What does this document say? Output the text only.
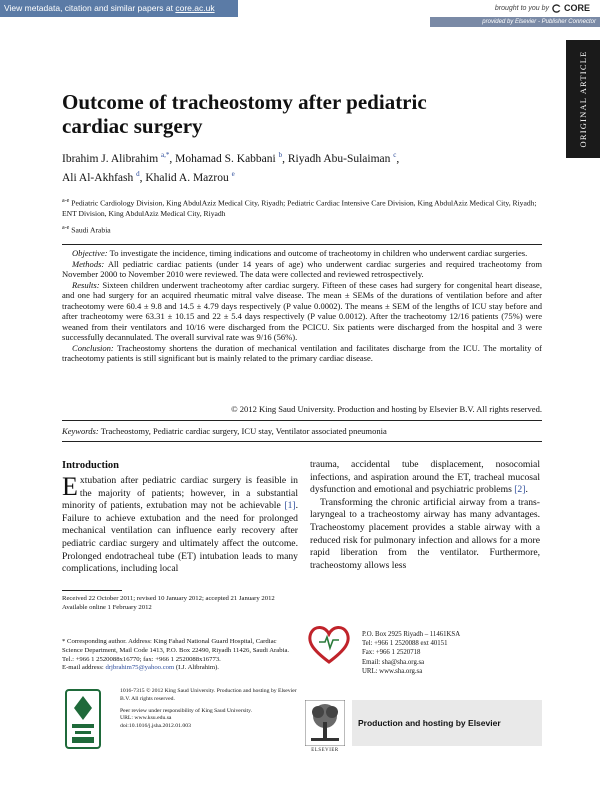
View metadata, citation and similar papers at core.ac.uk	brought to you by CORE
provided by Elsevier - Publisher Connector
ORIGINAL ARTICLE
Outcome of tracheostomy after pediatric cardiac surgery
Ibrahim J. Alibrahim $^{a,*}$, Mohamad S. Kabbani $^b$, Riyadh Abu-Sulaiman $^c$,
Ali Al-Akhfash $^d$, Khalid A. Mazrou $^e$
$^{a-e}$ Pediatric Cardiology Division, King AbdulAziz Medical City, Riyadh; Pediatric Cardiac Intensive Care Division, King AbdulAziz Medical City, Riyadh; ENT Division, King AbdulAziz Medical City, Riyadh
$^{a-e}$ Saudi Arabia

Objective: To investigate the incidence, timing indications and outcome of tracheotomy in children who underwent cardiac surgeries.

Methods: All pediatric cardiac patients (under 14 years of age) who underwent cardiac surgeries and required tracheotomy from November 2000 to November 2010 were reviewed. The data were collected and reviewed retrospectively.

Results: Sixteen children underwent tracheotomy after cardiac surgery. Fifteen of these cases had surgery for congenital heart disease, and one had surgery for an acquired rheumatic mitral valve disease. The mean ± SEMs of the durations of ventilation before and after tracheotomy were 60.4 ± 9.8 and 14.5 ± 4.79 days respectively (P value 0.0002). The means ± SEM of the lengths of ICU stay before and after tracheotomy were 63.31 ± 10.15 and 22 ± 5.4 days respectively (P value 0.0012). After the tracheotomy 12/16 patients (75%) were weaned from their ventilators and 10/16 were discharged from the PCICU. Six patients were discharged from the hospital and 3 were successfully decannulated. The overall survival rate was 9/16 (56%).

Conclusion: Tracheostomy shortens the duration of mechanical ventilation and facilitates discharge from the ICU. The mortality of tracheotomy patients is still significant but is mainly related to the primary cardiac disease.

© 2012 King Saud University. Production and hosting by Elsevier B.V. All rights reserved.
Keywords: Tracheostomy, Pediatric cardiac surgery, ICU stay, Ventilator associated pneumonia
Introduction

Extubation after pediatric cardiac surgery is feasible in the majority of patients; however, in a substantial minority of patients, extubation may not be achievable [1]. Failure to achieve extubation and the need for prolonged mechanical ventilation can influence early recovery after pediatric cardiac surgery and ultimately affect the outcome. Prolonged endotracheal tube (ET) intubation leads to many complications, including local

trauma, accidental tube displacement, nosocomial infections, and aspiration around the ET, tracheal mucosal dysfunction and emotional and psychiatric problems [2].

Transforming the chronic artificial airway from a trans-laryngeal to a tracheostomy airway has many advantages. Tracheostomy placement provides a stable airway with a reduced risk for pulmonary infection and allows for a more rapid liberation from the ventilator. Furthermore, tracheostomy allows less

Received 22 October 2011; revised 10 January 2012; accepted 21 January 2012
Available online 1 February 2012
* Corresponding author. Address: King Fahad National Guard Hospital, Cardiac Science Department, Mail Code 1413, P.O. Box 22490, Riyadh 11426, Saudi Arabia. Tel.: +966 1 2520088x16770; fax: +966 1 2520088x16773.
E-mail address: drjbrahim75@yahoo.com (I.J. Alibrahim).
1016-7315 © 2012 King Saud University. Production and hosting by Elsevier B.V. All rights reserved.
Peer review under responsibility of King Saud University.
URL: www.ksu.edu.sa
doi:10.1016/j.jsha.2012.01.003
P.O. Box 2925 Riyadh – 11461KSA
Tel: +966 1 2520088 ext 40151
Fax: +966 1 2520718
Email: sha@sha.org.sa
URL: www.sha.org.sa
ELSEVIER
Production and hosting by Elsevier
